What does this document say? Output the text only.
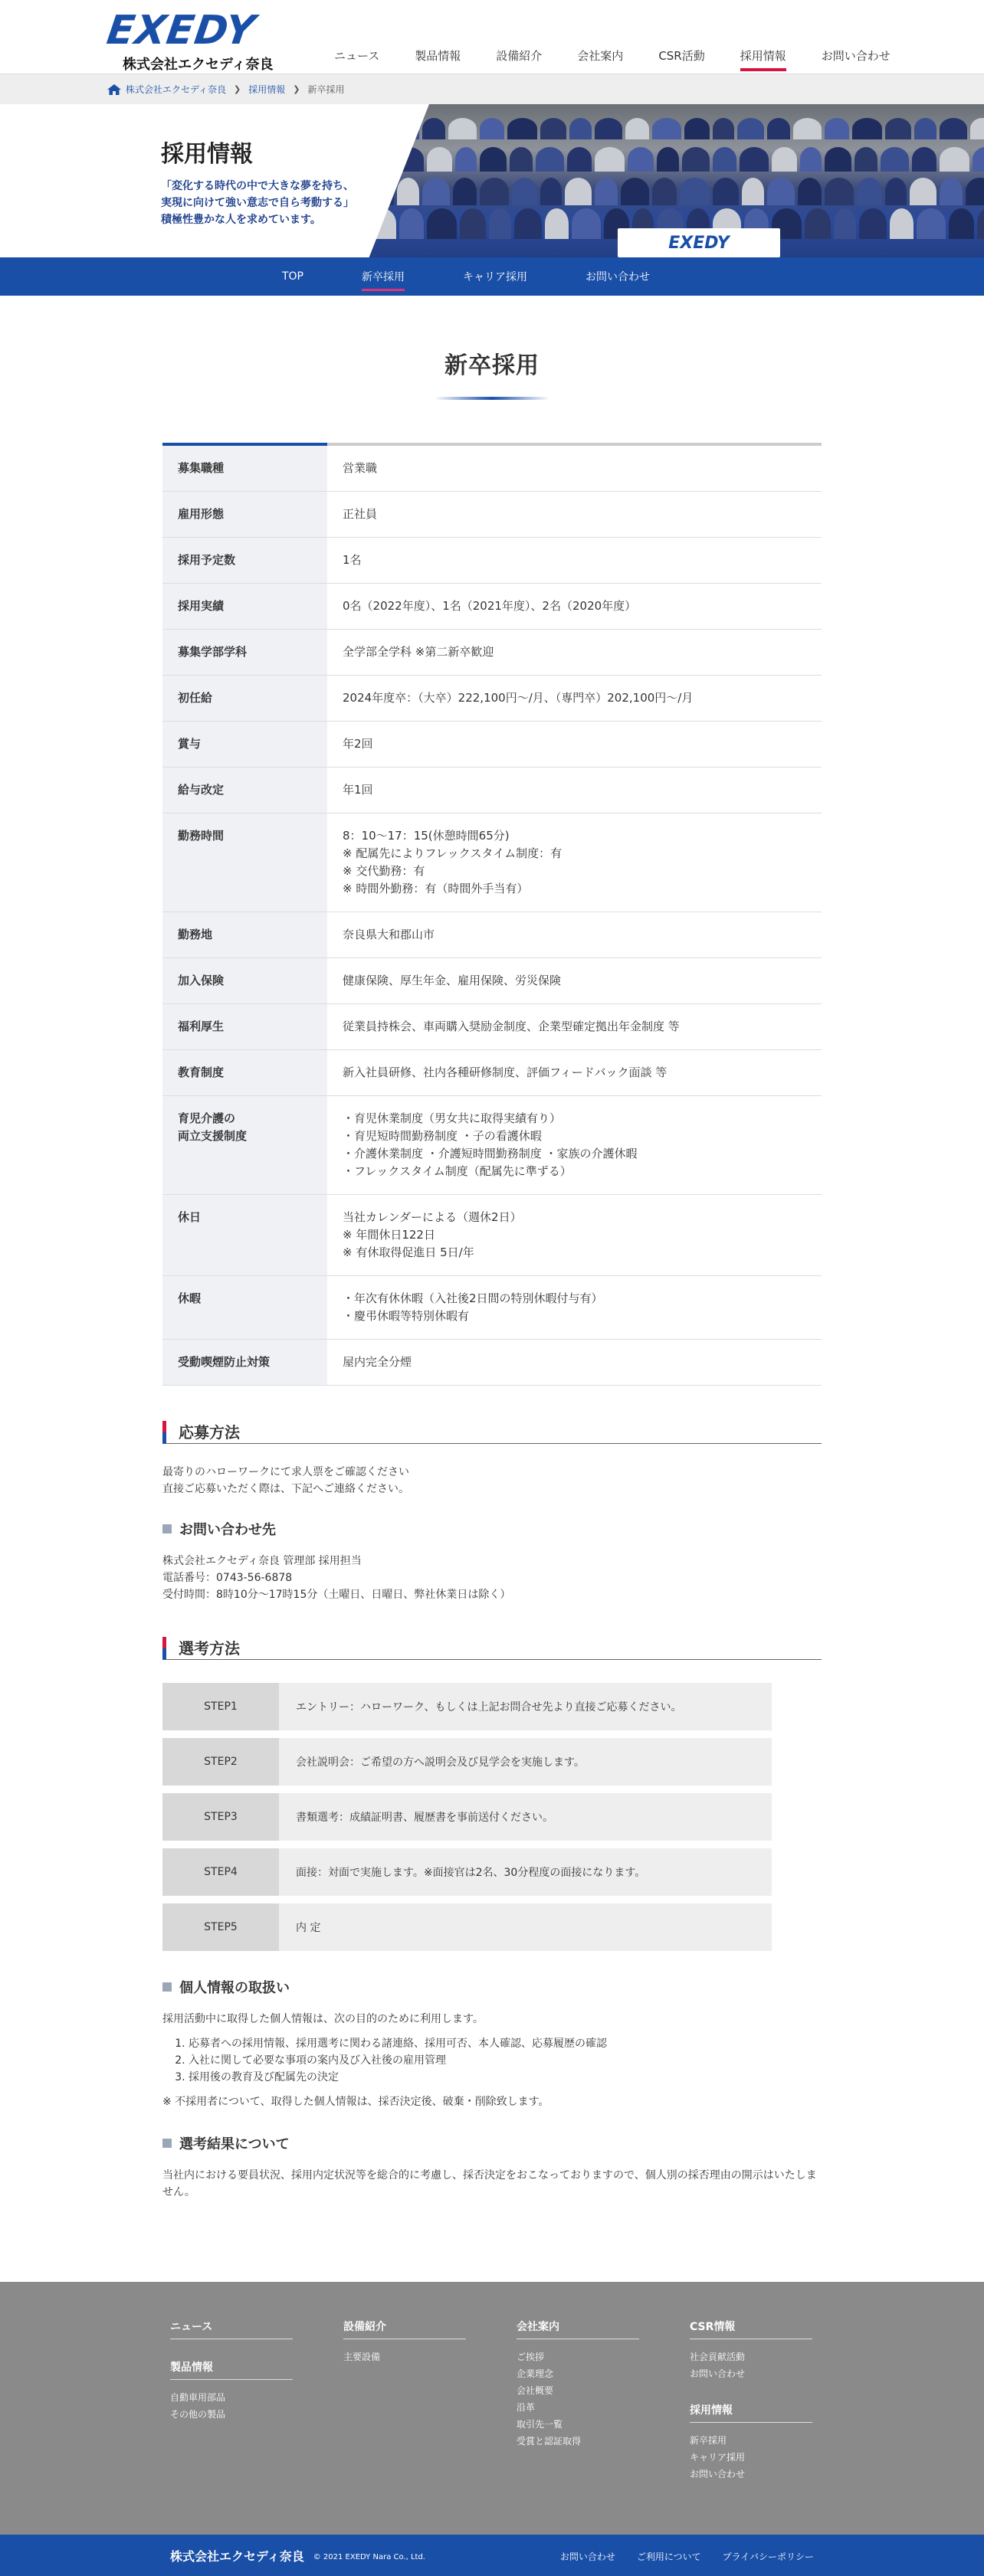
EXEDY
株式会社エクセディ奈良
ニュース	製品情報	設備紹介	会社案内	CSR活動	採用情報	お問い合わせ
株式会社エクセディ奈良 ❯ 採用情報 ❯ 新卒採用
採用情報
「変化する時代の中で大きな夢を持ち、
実現に向けて強い意志で自ら考動する」
積極性豊かな人を求めています。
EXEDY
TOP	新卒採用	キャリア採用	お問い合わせ
新卒採用
募集職種	営業職
雇用形態	正社員
採用予定数	1名
採用実績	0名（2022年度）、1名（2021年度）、2名（2020年度）
募集学部学科	全学部全学科 ※第二新卒歓迎
初任給	2024年度卒：（大卒）222,100円～/月、（専門卒）202,100円～/月
賞与	年2回
給与改定	年1回
勤務時間	8：10～17：15(休憩時間65分)
※ 配属先によりフレックスタイム制度：有
※ 交代勤務：有
※ 時間外勤務：有（時間外手当有）
勤務地	奈良県大和郡山市
加入保険	健康保険、厚生年金、雇用保険、労災保険
福利厚生	従業員持株会、車両購入奨励金制度、企業型確定拠出年金制度 等
教育制度	新入社員研修、社内各種研修制度、評価フィードバック面談 等
育児介護の
両立支援制度	・育児休業制度（男女共に取得実績有り）
・育児短時間勤務制度 ・子の看護休暇
・介護休業制度 ・介護短時間勤務制度 ・家族の介護休暇
・フレックスタイム制度（配属先に準ずる）
休日	当社カレンダーによる（週休2日）
※ 年間休日122日
※ 有休取得促進日 5日/年
休暇	・年次有休休暇（入社後2日間の特別休暇付与有）
・慶弔休暇等特別休暇有
受動喫煙防止対策	屋内完全分煙
応募方法

最寄りのハローワークにて求人票をご確認ください
直接ご応募いただく際は、下記へご連絡ください。

お問い合わせ先

株式会社エクセディ奈良 管理部 採用担当
電話番号：0743-56-6878
受付時間：8時10分～17時15分（土曜日、日曜日、弊社休業日は除く）

選考方法
STEP1	エントリー：ハローワーク、もしくは上記お問合せ先より直接ご応募ください。
STEP2	会社説明会：ご希望の方へ説明会及び見学会を実施します。
STEP3	書類選考：成績証明書、履歴書を事前送付ください。
STEP4	面接：対面で実施します。※面接官は2名、30分程度の面接になります。
STEP5	内 定
個人情報の取扱い

採用活動中に取得した個人情報は、次の目的のために利用します。

1. 応募者への採用情報、採用選考に関わる諸連絡、採用可否、本人確認、応募履歴の確認
2. 入社に関して必要な事項の案内及び入社後の雇用管理
3. 採用後の教育及び配属先の決定

※ 不採用者について、取得した個人情報は、採否決定後、破棄・削除致します。

選考結果について

当社内における要員状況、採用内定状況等を総合的に考慮し、採否決定をおこなっておりますので、個人別の採否理由の開示はいたしません。

ニュース
製品情報
自動車用部品
その他の製品
設備紹介
主要設備
会社案内
ご挨拶
企業理念
会社概要
沿革
取引先一覧
受賞と認証取得
CSR情報
社会貢献活動
お問い合わせ
採用情報
新卒採用
キャリア採用
お問い合わせ
株式会社エクセディ奈良 © 2021 EXEDY Nara Co., Ltd.	お問い合わせ ご利用について プライバシーポリシー
